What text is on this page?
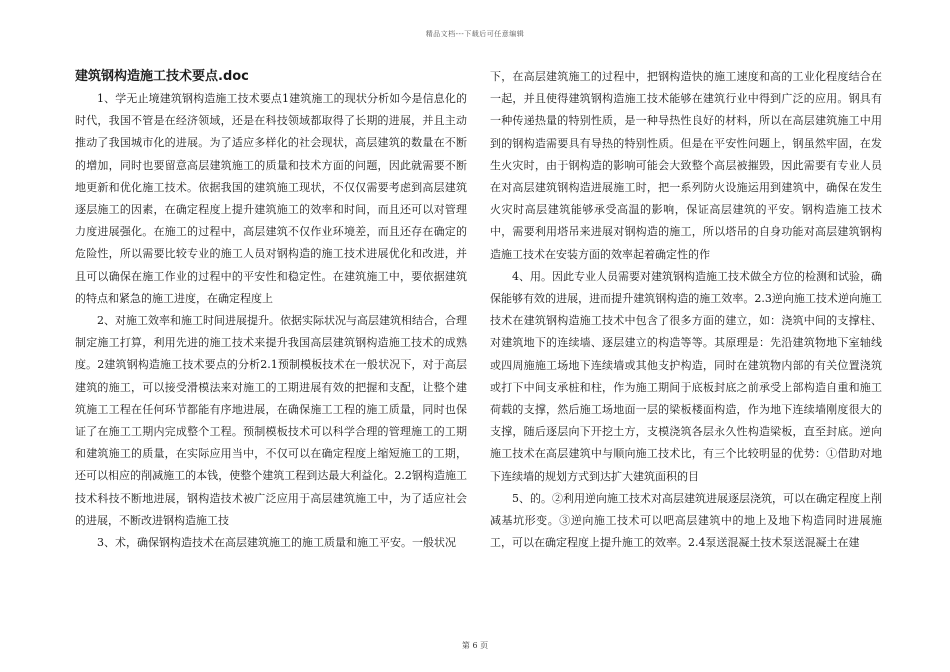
精品文档---下载后可任意编辑
建筑钢构造施工技术要点.doc

1、学无止境建筑钢构造施工技术要点1建筑施工的现状分析如今是信息化的时代，我国不管是在经济领域，还是在科技领域都取得了长期的进展，并且主动推动了我国城市化的进展。为了适应多样化的社会现状，高层建筑的数量在不断的增加，同时也要留意高层建筑施工的质量和技术方面的问题，因此就需要不断地更新和优化施工技术。依据我国的建筑施工现状，不仅仅需要考虑到高层建筑逐层施工的因素，在确定程度上提升建筑施工的效率和时间，而且还可以对管理力度进展强化。在施工的过程中，高层建筑不仅作业环境差，而且还存在确定的危险性，所以需要比较专业的施工人员对钢构造的施工技术进展优化和改进，并且可以确保在施工作业的过程中的平安性和稳定性。在建筑施工中，要依据建筑的特点和紧急的施工进度，在确定程度上

2、对施工效率和施工时间进展提升。依据实际状况与高层建筑相结合，合理制定施工打算，利用先进的施工技术来提升我国高层建筑钢构造施工技术的成熟度。2建筑钢构造施工技术要点的分析2.1预制模板技术在一般状况下，对于高层建筑的施工，可以接受滑模法来对施工的工期进展有效的把握和支配，让整个建筑施工工程在任何环节都能有序地进展，在确保施工工程的施工质量，同时也保证了在施工工期内完成整个工程。预制模板技术可以科学合理的管理施工的工期和建筑施工的质量，在实际应用当中，不仅可以在确定程度上缩短施工的工期，还可以相应的削减施工的本钱，使整个建筑工程到达最大利益化。2.2钢构造施工技术科技不断地进展，钢构造技术被广泛应用于高层建筑施工中，为了适应社会的进展，不断改进钢构造施工技

3、术，确保钢构造技术在高层建筑施工的施工质量和施工平安。一般状况

下，在高层建筑施工的过程中，把钢构造快的施工速度和高的工业化程度结合在一起，并且使得建筑钢构造施工技术能够在建筑行业中得到广泛的应用。钢具有一种传递热量的特别性质，是一种导热性良好的材料，所以在高层建筑施工中用到的钢构造需要具有导热的特别性质。但是在平安性问题上，钢虽然牢固，在发生火灾时，由于钢构造的影响可能会大致整个高层被摧毁，因此需要有专业人员在对高层建筑钢构造进展施工时，把一系列防火设施运用到建筑中，确保在发生火灾时高层建筑能够承受高温的影响，保证高层建筑的平安。钢构造施工技术中，需要利用塔吊来进展对钢构造的施工，所以塔吊的自身功能对高层建筑钢构造施工技术在安装方面的效率起着确定性的作

4、用。因此专业人员需要对建筑钢构造施工技术做全方位的检测和试验，确保能够有效的进展，进而提升建筑钢构造的施工效率。2.3逆向施工技术逆向施工技术在建筑钢构造施工技术中包含了很多方面的建立，如：浇筑中间的支撑柱、对建筑地下的连续墙、逐层建立的构造等等。其原理是：先沿建筑物地下室轴线或四周施施工场地下连续墙或其他支护构造，同时在建筑物内部的有关位置浇筑或打下中间支承桩和柱，作为施工期间于底板封底之前承受上部构造自重和施工荷载的支撑，然后施工场地面一层的梁板楼面构造，作为地下连续墙刚度很大的支撑，随后逐层向下开挖土方，支模浇筑各层永久性构造梁板，直至封底。逆向施工技术在高层建筑中与顺向施工技术比，有三个比较明显的优势：①借助对地下连续墙的规划方式到达扩大建筑面积的目

5、的。②利用逆向施工技术对高层建筑进展逐层浇筑，可以在确定程度上削减基坑形变。③逆向施工技术可以吧高层建筑中的地上及地下构造同时进展施工，可以在确定程度上提升施工的效率。2.4泵送混凝土技术泵送混凝土在建

第 6 页
